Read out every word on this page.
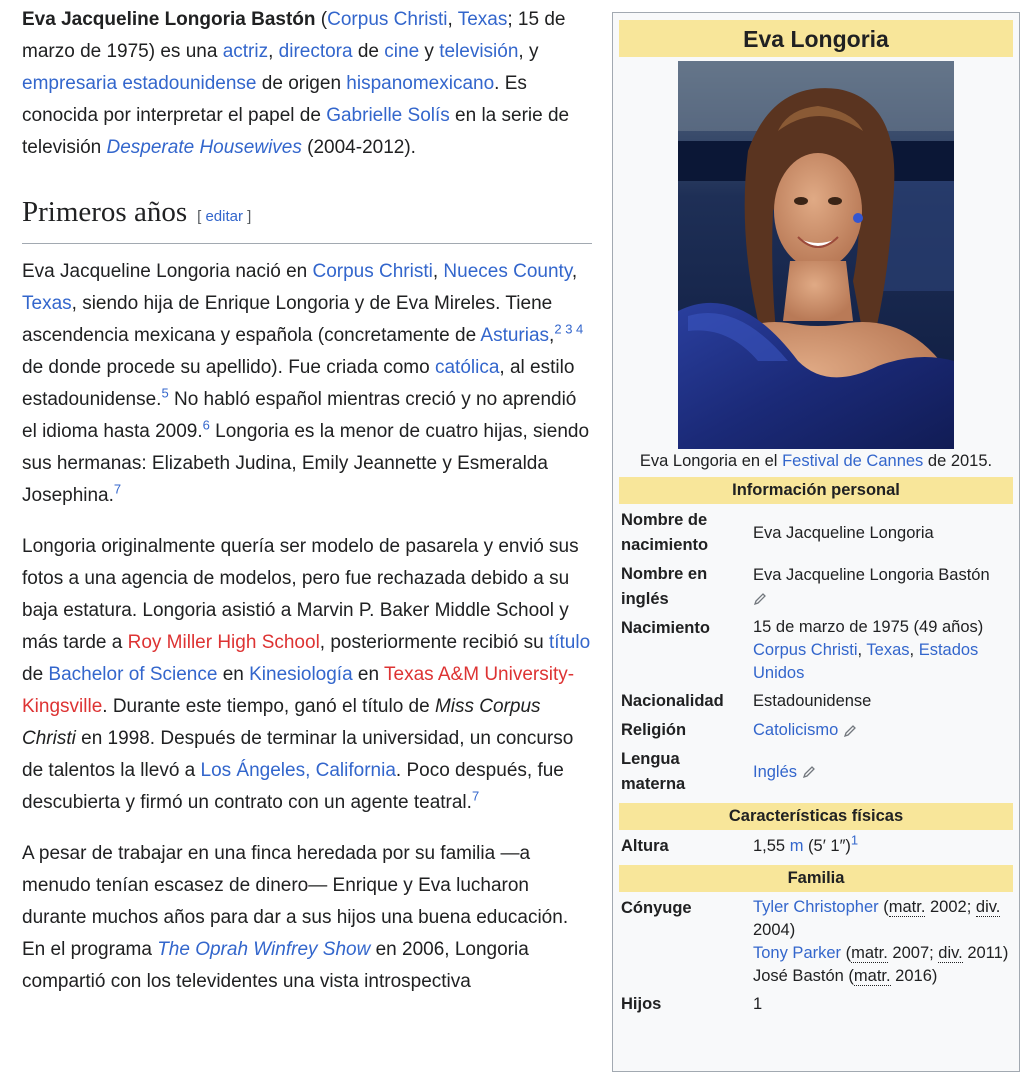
Eva Jacqueline Longoria Bastón (Corpus Christi, Texas; 15 de marzo de 1975) es una actriz, directora de cine y televisión, y empresaria estadounidense de origen hispanomexicano. Es conocida por interpretar el papel de Gabrielle Solís en la serie de televisión Desperate Housewives (2004-2012).

Primeros años [ editar ]

Eva Jacqueline Longoria nació en Corpus Christi, Nueces County, Texas, siendo hija de Enrique Longoria y de Eva Mireles. Tiene ascendencia mexicana y española (concretamente de Asturias,$^{2 3 4}$ de donde procede su apellido). Fue criada como católica, al estilo estadounidense.$^5$ No habló español mientras creció y no aprendió el idioma hasta 2009.$^6$ Longoria es la menor de cuatro hijas, siendo sus hermanas: Elizabeth Judina, Emily Jeannette y Esmeralda Josephina.$^7$

Longoria originalmente quería ser modelo de pasarela y envió sus fotos a una agencia de modelos, pero fue rechazada debido a su baja estatura. Longoria asistió a Marvin P. Baker Middle School y más tarde a Roy Miller High School, posteriormente recibió su título de Bachelor of Science en Kinesiología en Texas A&M University-Kingsville. Durante este tiempo, ganó el título de Miss Corpus Christi en 1998. Después de terminar la universidad, un concurso de talentos la llevó a Los Ángeles, California. Poco después, fue descubierta y firmó un contrato con un agente teatral.$^7$

A pesar de trabajar en una finca heredada por su familia —a menudo tenían escasez de dinero— Enrique y Eva lucharon durante muchos años para dar a sus hijos una buena educación. En el programa The Oprah Winfrey Show en 2006, Longoria compartió con los televidentes una vista introspectiva

Eva Longoria
Eva Longoria en el Festival de Cannes de 2015.
Información personal
Nombre de nacimiento	Eva Jacqueline Longoria
Nombre en inglés	Eva Jacqueline Longoria Bastón

Nacimiento	15 de marzo de 1975 (49 años)
Corpus Christi, Texas, Estados Unidos
Nacionalidad	Estadounidense
Religión	Catolicismo
Lengua materna	Inglés
Características físicas
Altura	1,55 m (5′ 1″)$^1$
Familia
Cónyuge	Tyler Christopher (matr. 2002; div. 2004)
Tony Parker (matr. 2007; div. 2011)
José Bastón (matr. 2016)
Hijos	1
